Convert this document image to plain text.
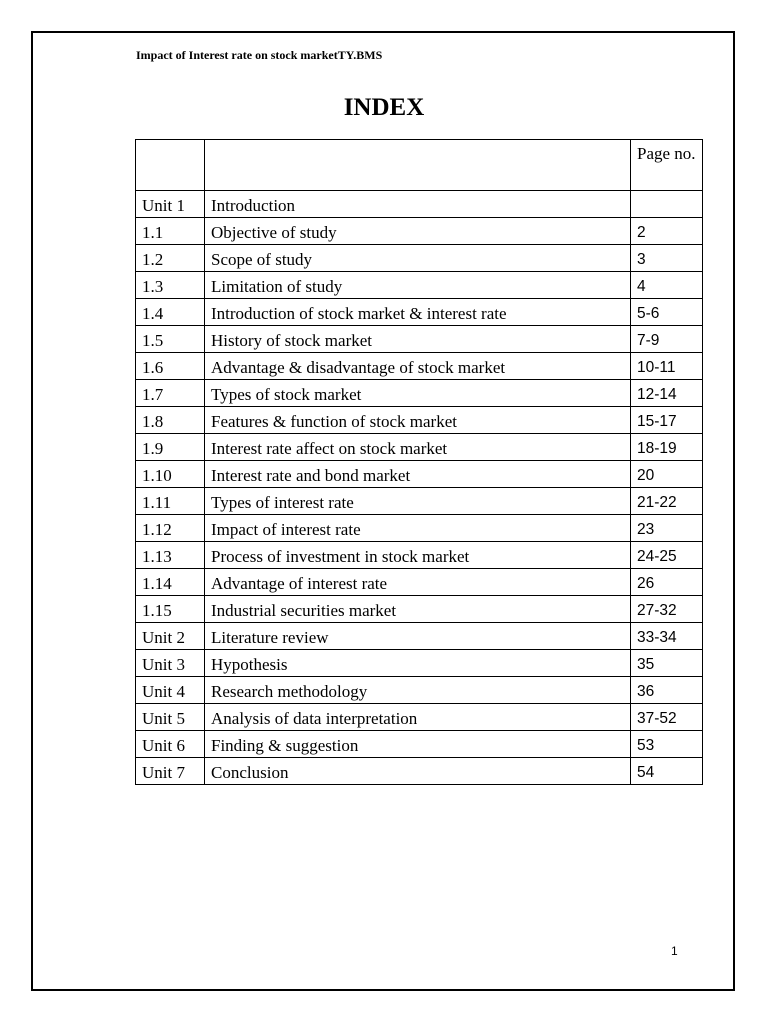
Impact of Interest rate on stock marketTY.BMS
INDEX
		Page no.
Unit 1	Introduction	
1.1	Objective of study	2
1.2	Scope of study	3
1.3	Limitation of study	4
1.4	Introduction of stock market & interest rate	5-6
1.5	History of stock market	7-9
1.6	Advantage & disadvantage of stock market	10-11
1.7	Types of stock market	12-14
1.8	Features & function of stock market	15-17
1.9	Interest rate affect on stock market	18-19
1.10	Interest rate and bond market	20
1.11	Types of interest rate	21-22
1.12	Impact of interest rate	23
1.13	Process of investment in stock market	24-25
1.14	Advantage of interest rate	26
1.15	Industrial securities market	27-32
Unit 2	Literature review	33-34
Unit 3	Hypothesis	35
Unit 4	Research methodology	36
Unit 5	Analysis of data interpretation	37-52
Unit 6	Finding & suggestion	53
Unit 7	Conclusion	54
1
